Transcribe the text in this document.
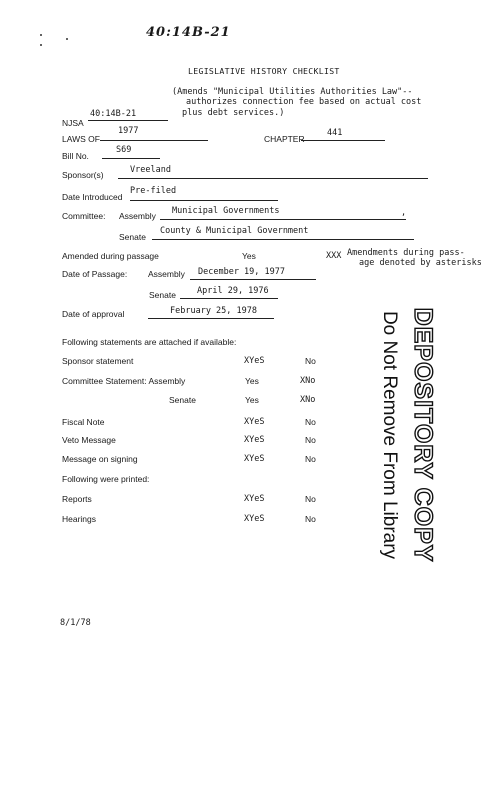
40:14B-21
LEGISLATIVE HISTORY CHECKLIST
(Amends "Municipal Utilities Authorities Law"--
authorizes connection fee based on actual cost
plus debt services.)
NJSA
40:14B-21
LAWS OF
1977
CHAPTER
441
Bill No.
S69
Sponsor(s)	Vreeland
Date Introduced
Pre-filed
Committee: Assembly Municipal Governments	,
Senate
County & Municipal Government
Amended during passage	Yes	XXX Amendments during pass-
age denoted by asterisks
Date of Passage: Assembly December 19, 1977
Senate April 29, 1976
Date of approval	February 25, 1978
Following statements are attached if available:
Sponsor statement	XYeS	No
Committee Statement: Assembly	Yes	XNo
Senate	Yes	XNo
Fiscal Note	XYeS	No
Veto Message	XYeS	No
Message on signing	XYeS	No
Following were printed:
Reports	XYeS	No
Hearings	XYeS	No	Do Not Remove From Library DEPOSITORY COPY
8/1/78
